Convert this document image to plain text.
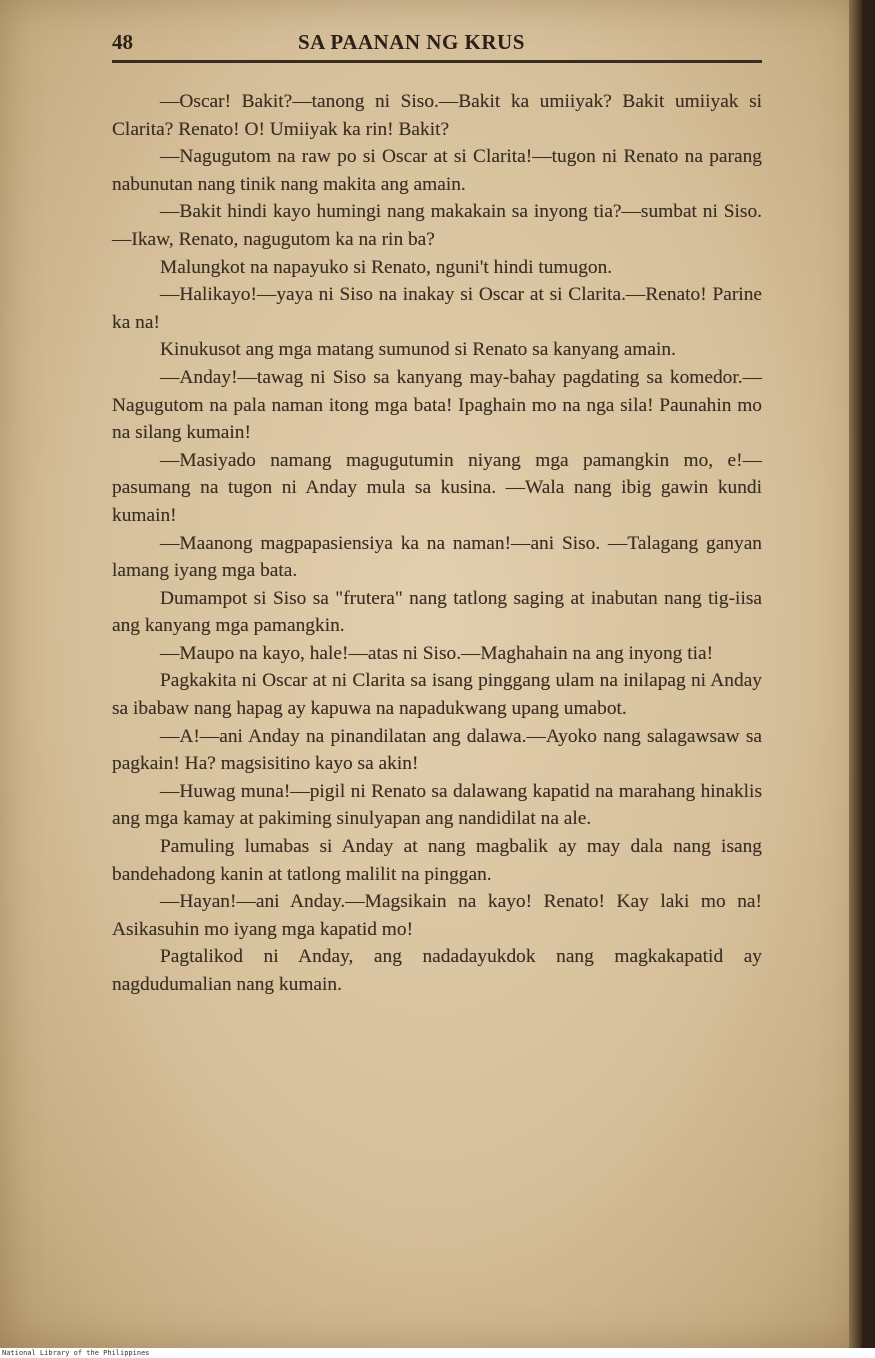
48	SA PAANAN NG KRUS

—Oscar! Bakit?—tanong ni Siso.—Bakit ka umiiyak? Bakit umiiyak si Clarita? Renato! O! Umiiyak ka rin! Bakit?

—Nagugutom na raw po si Oscar at si Clarita!—tugon ni Renato na parang nabunutan nang tinik nang makita ang amain.

—Bakit hindi kayo humingi nang makakain sa inyong tia?—sumbat ni Siso.—Ikaw, Renato, nagugutom ka na rin ba?

Malungkot na napayuko si Renato, nguni't hindi tumugon.

—Halikayo!—yaya ni Siso na inakay si Oscar at si Clarita.—Renato! Parine ka na!

Kinukusot ang mga matang sumunod si Renato sa kanyang amain.

—Anday!—tawag ni Siso sa kanyang may-bahay pagdating sa komedor.—Nagugutom na pala naman itong mga bata! Ipaghain mo na nga sila! Paunahin mo na silang kumain!

—Masiyado namang magugutumin niyang mga pamangkin mo, e!—pasumang na tugon ni Anday mula sa kusina. —Wala nang ibig gawin kundi kumain!

—Maanong magpapasiensiya ka na naman!—ani Siso. —Talagang ganyan lamang iyang mga bata.

Dumampot si Siso sa "frutera" nang tatlong saging at inabutan nang tig-iisa ang kanyang mga pamangkin.

—Maupo na kayo, hale!—atas ni Siso.—Maghahain na ang inyong tia!

Pagkakita ni Oscar at ni Clarita sa isang pinggang ulam na inilapag ni Anday sa ibabaw nang hapag ay kapuwa na napadukwang upang umabot.

—A!—ani Anday na pinandilatan ang dalawa.—Ayoko nang salagawsaw sa pagkain! Ha? magsisitino kayo sa akin!

—Huwag muna!—pigil ni Renato sa dalawang kapatid na marahang hinaklis ang mga kamay at pakiming sinulyapan ang nandidilat na ale.

Pamuling lumabas si Anday at nang magbalik ay may dala nang isang bandehadong kanin at tatlong malilit na pinggan.

—Hayan!—ani Anday.—Magsikain na kayo! Renato! Kay laki mo na! Asikasuhin mo iyang mga kapatid mo!

Pagtalikod ni Anday, ang nadadayukdok nang magkakapatid ay nagdudumalian nang kumain.

National Library of the Philippines
